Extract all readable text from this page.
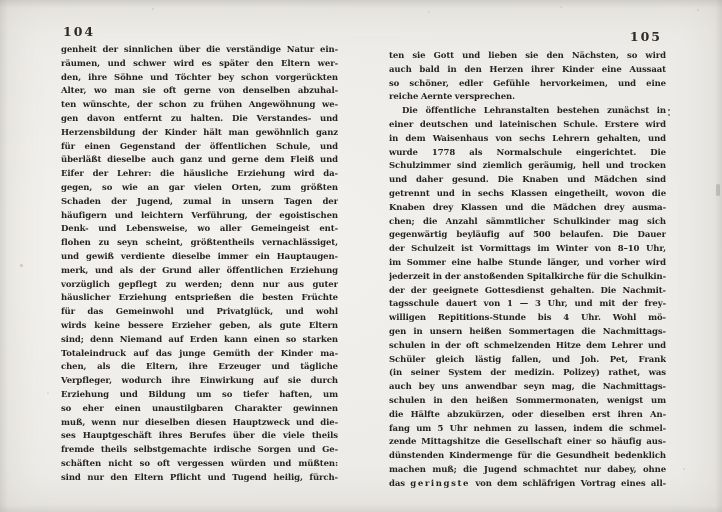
104
genheit der sinnlichen über die verständige Natur ein-
räumen, und schwer wird es später den Eltern wer-
den, ihre Söhne und Töchter bey schon vorgerückten
Alter, wo man sie oft gerne von denselben abzuhal-
ten wünschte, der schon zu frühen Angewöhnung we-
gen davon entfernt zu halten. Die Verstandes- und
Herzensbildung der Kinder hält man gewöhnlich ganz
für einen Gegenstand der öffentlichen Schule, und
überläßt dieselbe auch ganz und gerne dem Fleiß und
Eifer der Lehrer: die häusliche Erziehung wird da-
gegen, so wie an gar vielen Orten, zum größten
Schaden der Jugend, zumal in unsern Tagen der
häufigern und leichtern Verführung, der egoistischen
Denk- und Lebensweise, wo aller Gemeingeist ent-
flohen zu seyn scheint, größtentheils vernachlässiget,
und gewiß verdiente dieselbe immer ein Hauptaugen-
merk, und als der Grund aller öffentlichen Erziehung
vorzüglich gepflegt zu werden; denn nur aus guter
häuslicher Erziehung entsprießen die besten Früchte
für das Gemeinwohl und Privatglück, und wohl
wirds keine bessere Erzieher geben, als gute Eltern
sind; denn Niemand auf Erden kann einen so starken
Totaleindruck auf das junge Gemüth der Kinder ma-
chen, als die Eltern, ihre Erzeuger und tägliche
Verpfleger, wodurch ihre Einwirkung auf sie durch
Erziehung und Bildung um so tiefer haften, um
so eher einen unaustilgbaren Charakter gewinnen
muß, wenn nur dieselben diesen Hauptzweck und die-
ses Hauptgeschäft ihres Berufes über die viele theils
fremde theils selbstgemachte irdische Sorgen und Ge-
schäften nicht so oft vergessen würden und müßten:
sind nur den Eltern Pflicht und Tugend heilig, fürch-
105
ten sie Gott und lieben sie den Nächsten, so wird
auch bald in den Herzen ihrer Kinder eine Aussaat
so schöner, edler Gefühle hervorkeimen, und eine
reiche Aernte versprechen.
Die öffentliche Lehranstalten bestehen zunächst in
einer deutschen und lateinischen Schule. Erstere wird
in dem Waisenhaus von sechs Lehrern gehalten, und
wurde 1778 als Normalschule eingerichtet. Die
Schulzimmer sind ziemlich geräumig, hell und trocken
und daher gesund. Die Knaben und Mädchen sind
getrennt und in sechs Klassen eingetheilt, wovon die
Knaben drey Klassen und die Mädchen drey ausma-
chen; die Anzahl sämmtlicher Schulkinder mag sich
gegenwärtig beyläufig auf 500 belaufen. Die Dauer
der Schulzeit ist Vormittags im Winter von 8–10 Uhr,
im Sommer eine halbe Stunde länger, und vorher wird
jederzeit in der anstoßenden Spitalkirche für die Schulkin-
der der geeignete Gottesdienst gehalten. Die Nachmit-
tagsschule dauert von 1 — 3 Uhr, und mit der frey-
willigen Repititions-Stunde bis 4 Uhr. Wohl mö-
gen in unsern heißen Sommertagen die Nachmittags-
schulen in der oft schmelzenden Hitze dem Lehrer und
Schüler gleich lästig fallen, und Joh. Pet, Frank
(in seiner System der medizin. Polizey) rathet, was
auch bey uns anwendbar seyn mag, die Nachmittags-
schulen in den heißen Sommermonaten, wenigst um
die Hälfte abzukürzen, oder dieselben erst ihren An-
fang um 5 Uhr nehmen zu lassen, indem die schmel-
zende Mittagshitze die Gesellschaft einer so häufig aus-
dünstenden Kindermenge für die Gesundheit bedenklich
machen muß; die Jugend schmachtet nur dabey, ohne
das geringste von dem schläfrigen Vortrag eines all-
